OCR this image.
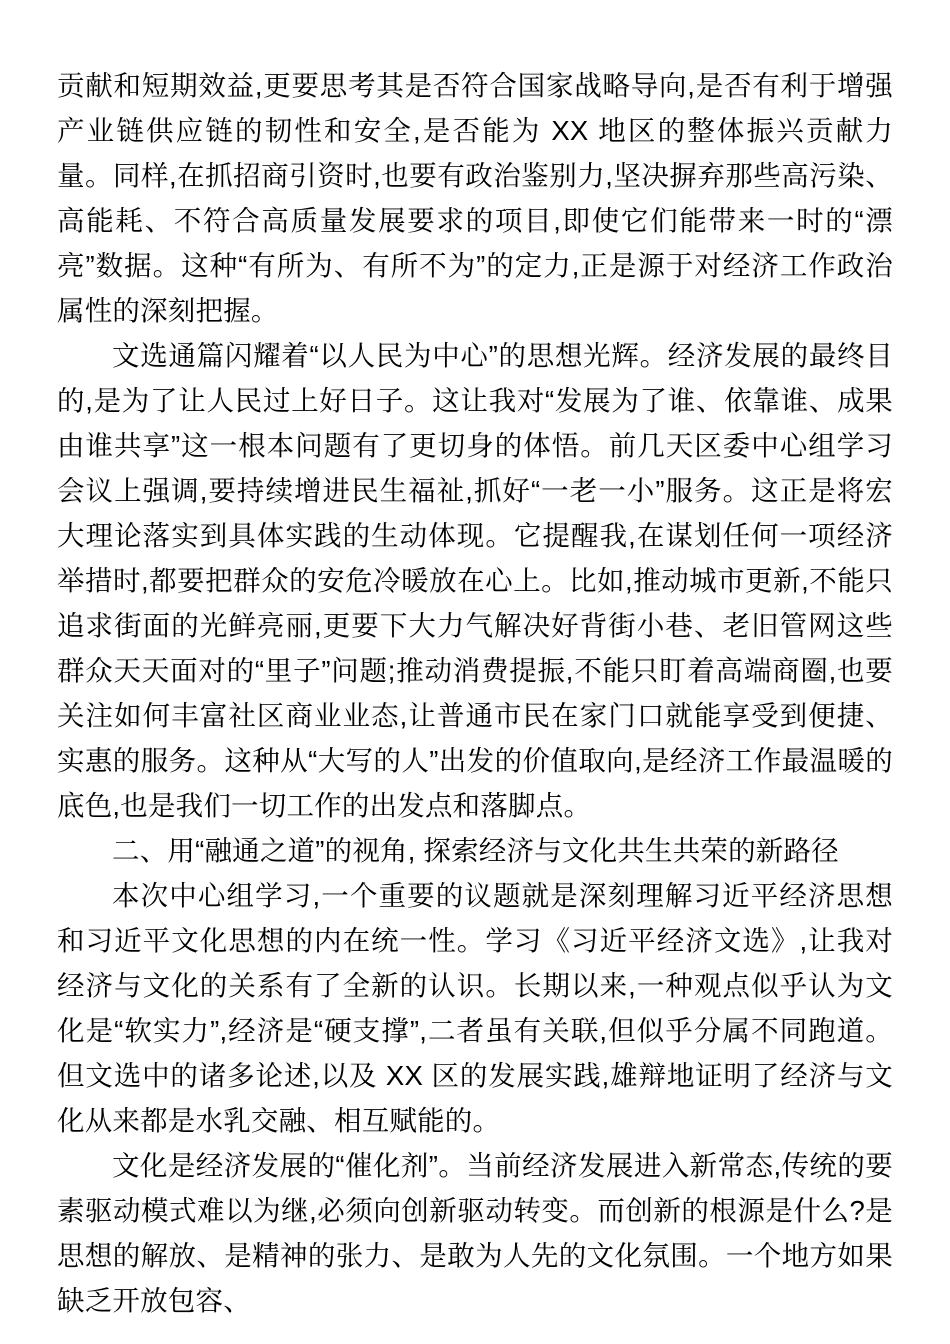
贡献和短期效益,更要思考其是否符合国家战略导向,是否有利于增强产业链供应链的韧性和安全,是否能为 XX 地区的整体振兴贡献力量。同样,在抓招商引资时,也要有政治鉴别力,坚决摒弃那些高污染、高能耗、不符合高质量发展要求的项目,即使它们能带来一时的“漂亮”数据。这种“有所为、有所不为”的定力,正是源于对经济工作政治属性的深刻把握。

文选通篇闪耀着“以人民为中心”的思想光辉。经济发展的最终目的,是为了让人民过上好日子。这让我对“发展为了谁、依靠谁、成果由谁共享”这一根本问题有了更切身的体悟。前几天区委中心组学习会议上强调,要持续增进民生福祉,抓好“一老一小”服务。这正是将宏大理论落实到具体实践的生动体现。它提醒我,在谋划任何一项经济举措时,都要把群众的安危冷暖放在心上。比如,推动城市更新,不能只追求街面的光鲜亮丽,更要下大力气解决好背街小巷、老旧管网这些群众天天面对的“里子”问题;推动消费提振,不能只盯着高端商圈,也要关注如何丰富社区商业业态,让普通市民在家门口就能享受到便捷、实惠的服务。这种从“大写的人”出发的价值取向,是经济工作最温暖的底色,也是我们一切工作的出发点和落脚点。

二、用“融通之道”的视角, 探索经济与文化共生共荣的新路径

本次中心组学习,一个重要的议题就是深刻理解习近平经济思想和习近平文化思想的内在统一性。学习《习近平经济文选》,让我对经济与文化的关系有了全新的认识。长期以来,一种观点似乎认为文化是“软实力”,经济是“硬支撑”,二者虽有关联,但似乎分属不同跑道。但文选中的诸多论述,以及 XX 区的发展实践,雄辩地证明了经济与文化从来都是水乳交融、相互赋能的。

文化是经济发展的“催化剂”。当前经济发展进入新常态,传统的要素驱动模式难以为继,必须向创新驱动转变。而创新的根源是什么?是思想的解放、是精神的张力、是敢为人先的文化氛围。一个地方如果缺乏开放包容、
